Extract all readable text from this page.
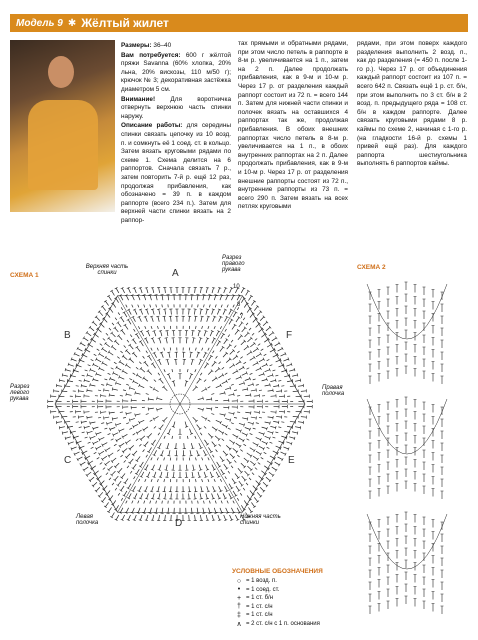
Модель 9 ✱ Жёлтый жилет

Размеры: 36–40

Вам потребуется: 600 г жёлтой пряжи Savanna (60% хлопка, 20% льна, 20% вискозы, 110 м/50 г); крючок № 3; декоративная застёжка диаметром 5 см.

Внимание! Для воротничка отвернуть верхнюю часть спинки наружу.

Описание работы: для середины спинки связать цепочку из 10 возд. п. и сомкнуть её 1 соед. ст. в кольцо. Затем вязать круговыми рядами по схеме 1. Схема делится на 6 раппортов. Сначала связать 7 р., затем повторить 7-й р. ещё 12 раз, продолжая прибавления, как обозначено = 39 п. в каждом раппорте (всего 234 п.). Затем для верхней части спинки вязать на 2 раппор-

тах прямыми и обратными рядами, при этом число петель в раппорте в 8-м р. увеличивается на 1 п., затем на 2 п. Далее продолжать прибавления, как в 9-м и 10-м р. Через 17 р. от разделения каждый раппорт состоит из 72 п. = всего 144 п. Затем для нижней части спинки и полочек вязать на оставшихся 4 раппортах так же, продолжая прибавления. В обоих внешних раппортах число петель в 8-м р. увеличивается на 1 п., в обоих внутренних раппортах на 2 п. Далее продолжать прибавления, как в 9-м и 10-м р. Через 17 р. от разделения внешние раппорты состоят из 72 п., внутренние раппорты из 73 п. = всего 290 п. Затем вязать на всех петлях круговыми

рядами, при этом поверх каждого разделения выполнить 2 возд. п., как до разделения (= 450 п. после 1-го р.). Через 17 р. от объединения каждый раппорт состоит из 107 п. = всего 642 п. Связать ещё 1 р. ст. б/н, при этом выполнить по 3 ст. б/н в 2 возд. п. предыдущего ряда = 108 ст. б/н в каждом раппорте. Далее связать круговыми рядами 8 р. каймы по схеме 2, начиная с 1-го р. (на гладкости 16-й р. схемы 1 привей ещё раз). Для каждого раппорта шестиугольника выполнять 6 раппортов каймы.

СХЕМА 1
СХЕМА 2
Верхняя часть спинки
Разрез правого рукава
Разрез левого рукава
Правая полочка
Левая полочка
Нижняя часть спинки
A
B
C
D
E
F
10
8
7
УСЛОВНЫЕ ОБОЗНАЧЕНИЯ
○ = 1 возд. п.
• = 1 соед. ст.
+ = 1 ст. б/н
† = 1 ст. с/н
‡ = 1 ст. с/н
∧ = 2 ст. с/н с 1 п. основания
